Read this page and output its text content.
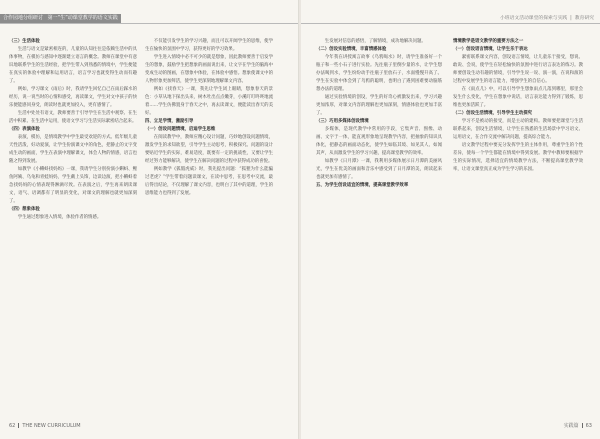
合作园地分组研讨 第一“生”动课堂教学的语文实践

（三）生活体验

生活与语文是紧密相连的，儿童的认知往往是依赖生活中的具体事物，在模仿与感知中逐渐建立语言的概念。教师在课堂中有意识地联系学生的生活经验，把学生带入到熟悉的情境中，学生便能在真实的体验中理解和运用语言，语言学习也就变得生动而有趣了。

例如，学习课文《雨后》时，我请学生回忆自己在雨后踩水的经历，说一说当时的心情和感受，再读课文，学生对文中孩子的快乐便能感同身受，朗读时也就更加投入，更有感情了。

生活中处处有语文，教师要善于引导学生在生活中观察、在生活中积累、在生活中运用，使语文学习与生活实际紧密结合起来。

（四）表演体验

表演，模仿，是情境教学中学生最受欢迎的方式。低年级儿童天性活泼，好动爱演，让学生扮演课文中的角色，把静止的文字变成生动的画面，学生在表演中理解课文，体会人物的情感，语言也随之得到发展。

如教学《小蝌蚪找妈妈》一课，我请学生分别扮演小蝌蚪、鲤鱼阿姨、乌龟和青蛙妈妈，学生戴上头饰，边读边演，把小蝌蚪着急找妈妈的心情表现得淋漓尽致。在表演之后，学生再来朗读课文，语气、语调都有了明显的变化，对课文的理解也就更加深刻了。

（四）想象体验

学生通过想象进入情境，体验作者的情感。

不仅能引发学生的学习兴趣，而且可以开阔学生的思维，使学生在愉快的氛围中学习，获得更好的学习效果。

学生进入情境中必不可少的就是想象，因此教师要善于启发学生的想象，鼓励学生把想象的画面说出来，让文字在学生的脑海中变成生动的图画，在想象中体验，在体验中感悟。想象使课文中的人物形象更加鲜活，使学生更深刻地理解课文内容。

例如《找春天》一课，我先让学生闭上眼睛，想象春天的景色：小草从地下探出头来，树木吐出点点嫩芽，小溪叮叮咚咚地流着……学生仿佛置身于春天之中，再去读课文，便能读出春天的美好。

四、立足学情，激励引导

（一）创设问题情境，启迪学生思维

在阅读教学中，教师应精心设计问题，巧妙地创设问题情境，激发学生的求知欲望，引导学生主动思考，积极探究。问题的设计要贴近学生的实际，难易适度，既要有一定的挑战性，又要让学生经过努力能够解决，使学生在解决问题的过程中获得成功的喜悦。

例如教学《狐假虎威》时，我先提出问题：“狐狸为什么能骗过老虎？”学生带着问题读课文，在读中思考，在思考中交流，最后得出结论，不仅理解了课文内容，也明白了其中的道理，学生的思维能力也得到了发展。

62 THE NEW CURRICULUM
小班语文活动课堂的探索与实践 | 教育研究

生发展对信息的感悟，了解情境，成功地解决问题。

（二）创设实验情境，丰富情感体验

今年我在讲授寓言故事《乌鸦喝水》时，请学生准备好一个瓶子和一些小石子进行实验。先往瓶子里倒少量的水，让学生想办法喝到水，学生纷纷动手往瓶子里放石子，水面慢慢升高了。学生在实验中体会到了乌鸦的聪明，也明白了遇到困难要动脑筋想办法的道理。

通过实验情境的创设，学生的好奇心被激发出来，学习兴趣更加浓厚，对课文内容的理解也更加深刻，情感体验也更加丰富了。

（三）巧用多媒体创设情境

多媒体，是现代教学中常用的手段，它集声音、图像、动画、文字于一体，能直观形象地呈现教学内容，把抽象的知识具体化，把静态的画面动态化，使学生如临其境、如见其人、如闻其声，从而激发学生的学习兴趣，提高课堂教学的效率。

如教学《日月潭》一课，我利用多媒体展示日月潭的美丽风光，学生在优美的画面和音乐中感受到了日月潭的美，朗读起来也就更加有感情了。

五、为学生创设适宜的情境，提高课堂教学效率

情境教学是语文教学的重要方法之一

（一）创设语言情境，让学生乐于表达

紧密联系课文内容，创设语言情境，让儿童乐于接受，想说、敢说、会说，使学生在轻松愉快的氛围中进行语言表达的练习。教师要创设生动有趣的情境，引导学生说一说、演一演，在说和演的过程中发展学生的语言能力，增强学生的自信心。

在《雨点儿》中，可以引导学生想象雨点儿落到哪里，那里会发生什么变化，学生在想象中说话，语言表达能力得到了锻炼，思维也更加活跃了。

（二）创设生活情境，引导学生主动探究

学习不是被动的接受，而是主动的建构。教师要把课堂与生活联系起来，创设生活情境，让学生在熟悉的生活场景中学习语文、运用语文，在合作交流中解决问题，提高综合能力。

语文教学过程中要充分发挥学生的主体作用，尊重学生的个性差异，使每一个学生都能在情境中得到发展。教学中教师要根据学生的实际情况，选择适宜的情境教学方法，不断提高课堂教学效率，让语文课堂真正成为学生学习的乐园。

实践篇 63
